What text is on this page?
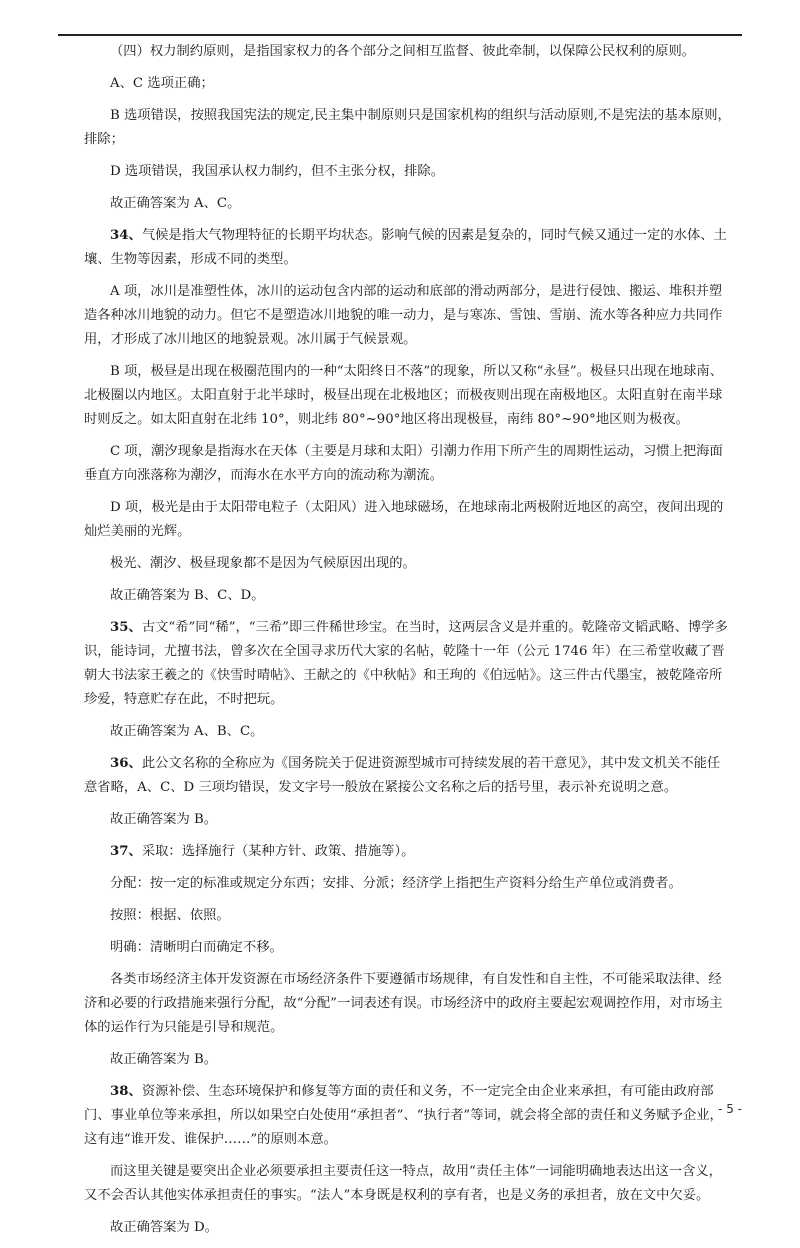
（四）权力制约原则，是指国家权力的各个部分之间相互监督、彼此牵制，以保障公民权利的原则。

A、C 选项正确；

B 选项错误，按照我国宪法的规定,民主集中制原则只是国家机构的组织与活动原则,不是宪法的基本原则，排除；

D 选项错误，我国承认权力制约，但不主张分权，排除。

故正确答案为 A、C。

34、气候是指大气物理特征的长期平均状态。影响气候的因素是复杂的，同时气候又通过一定的水体、土壤、生物等因素，形成不同的类型。

A 项，冰川是准塑性体，冰川的运动包含内部的运动和底部的滑动两部分，是进行侵蚀、搬运、堆积并塑造各种冰川地貌的动力。但它不是塑造冰川地貌的唯一动力，是与寒冻、雪蚀、雪崩、流水等各种应力共同作用，才形成了冰川地区的地貌景观。冰川属于气候景观。

B 项，极昼是出现在极圈范围内的一种“太阳终日不落”的现象，所以又称“永昼”。极昼只出现在地球南、北极圈以内地区。太阳直射于北半球时，极昼出现在北极地区；而极夜则出现在南极地区。太阳直射在南半球时则反之。如太阳直射在北纬 10°，则北纬 80°~90°地区将出现极昼，南纬 80°~90°地区则为极夜。

C 项，潮汐现象是指海水在天体（主要是月球和太阳）引潮力作用下所产生的周期性运动，习惯上把海面垂直方向涨落称为潮汐，而海水在水平方向的流动称为潮流。

D 项，极光是由于太阳带电粒子（太阳风）进入地球磁场，在地球南北两极附近地区的高空，夜间出现的灿烂美丽的光辉。

极光、潮汐、极昼现象都不是因为气候原因出现的。

故正确答案为 B、C、D。

35、古文“希”同“稀”，“三希”即三件稀世珍宝。在当时，这两层含义是并重的。乾隆帝文韬武略、博学多识，能诗词，尤擅书法，曾多次在全国寻求历代大家的名帖，乾隆十一年（公元 1746 年）在三希堂收藏了晋朝大书法家王羲之的《快雪时晴帖》、王献之的《中秋帖》和王珣的《伯远帖》。这三件古代墨宝，被乾隆帝所珍爱，特意贮存在此，不时把玩。

故正确答案为 A、B、C。

36、此公文名称的全称应为《国务院关于促进资源型城市可持续发展的若干意见》，其中发文机关不能任意省略，A、C、D 三项均错误，发文字号一般放在紧接公文名称之后的括号里，表示补充说明之意。

故正确答案为 B。

37、采取：选择施行（某种方针、政策、措施等）。

分配：按一定的标准或规定分东西；安排、分派；经济学上指把生产资料分给生产单位或消费者。

按照：根据、依照。

明确：清晰明白而确定不移。

各类市场经济主体开发资源在市场经济条件下要遵循市场规律，有自发性和自主性，不可能采取法律、经济和必要的行政措施来强行分配，故“分配”一词表述有误。市场经济中的政府主要起宏观调控作用，对市场主体的运作行为只能是引导和规范。

故正确答案为 B。

38、资源补偿、生态环境保护和修复等方面的责任和义务，不一定完全由企业来承担，有可能由政府部门、事业单位等来承担，所以如果空白处使用“承担者”、“执行者”等词，就会将全部的责任和义务赋予企业，这有违“谁开发、谁保护……”的原则本意。

而这里关键是要突出企业必须要承担主要责任这一特点，故用“责任主体”一词能明确地表达出这一含义，又不会否认其他实体承担责任的事实。“法人”本身既是权利的享有者，也是义务的承担者，放在文中欠妥。

故正确答案为 D。

- 5 -
